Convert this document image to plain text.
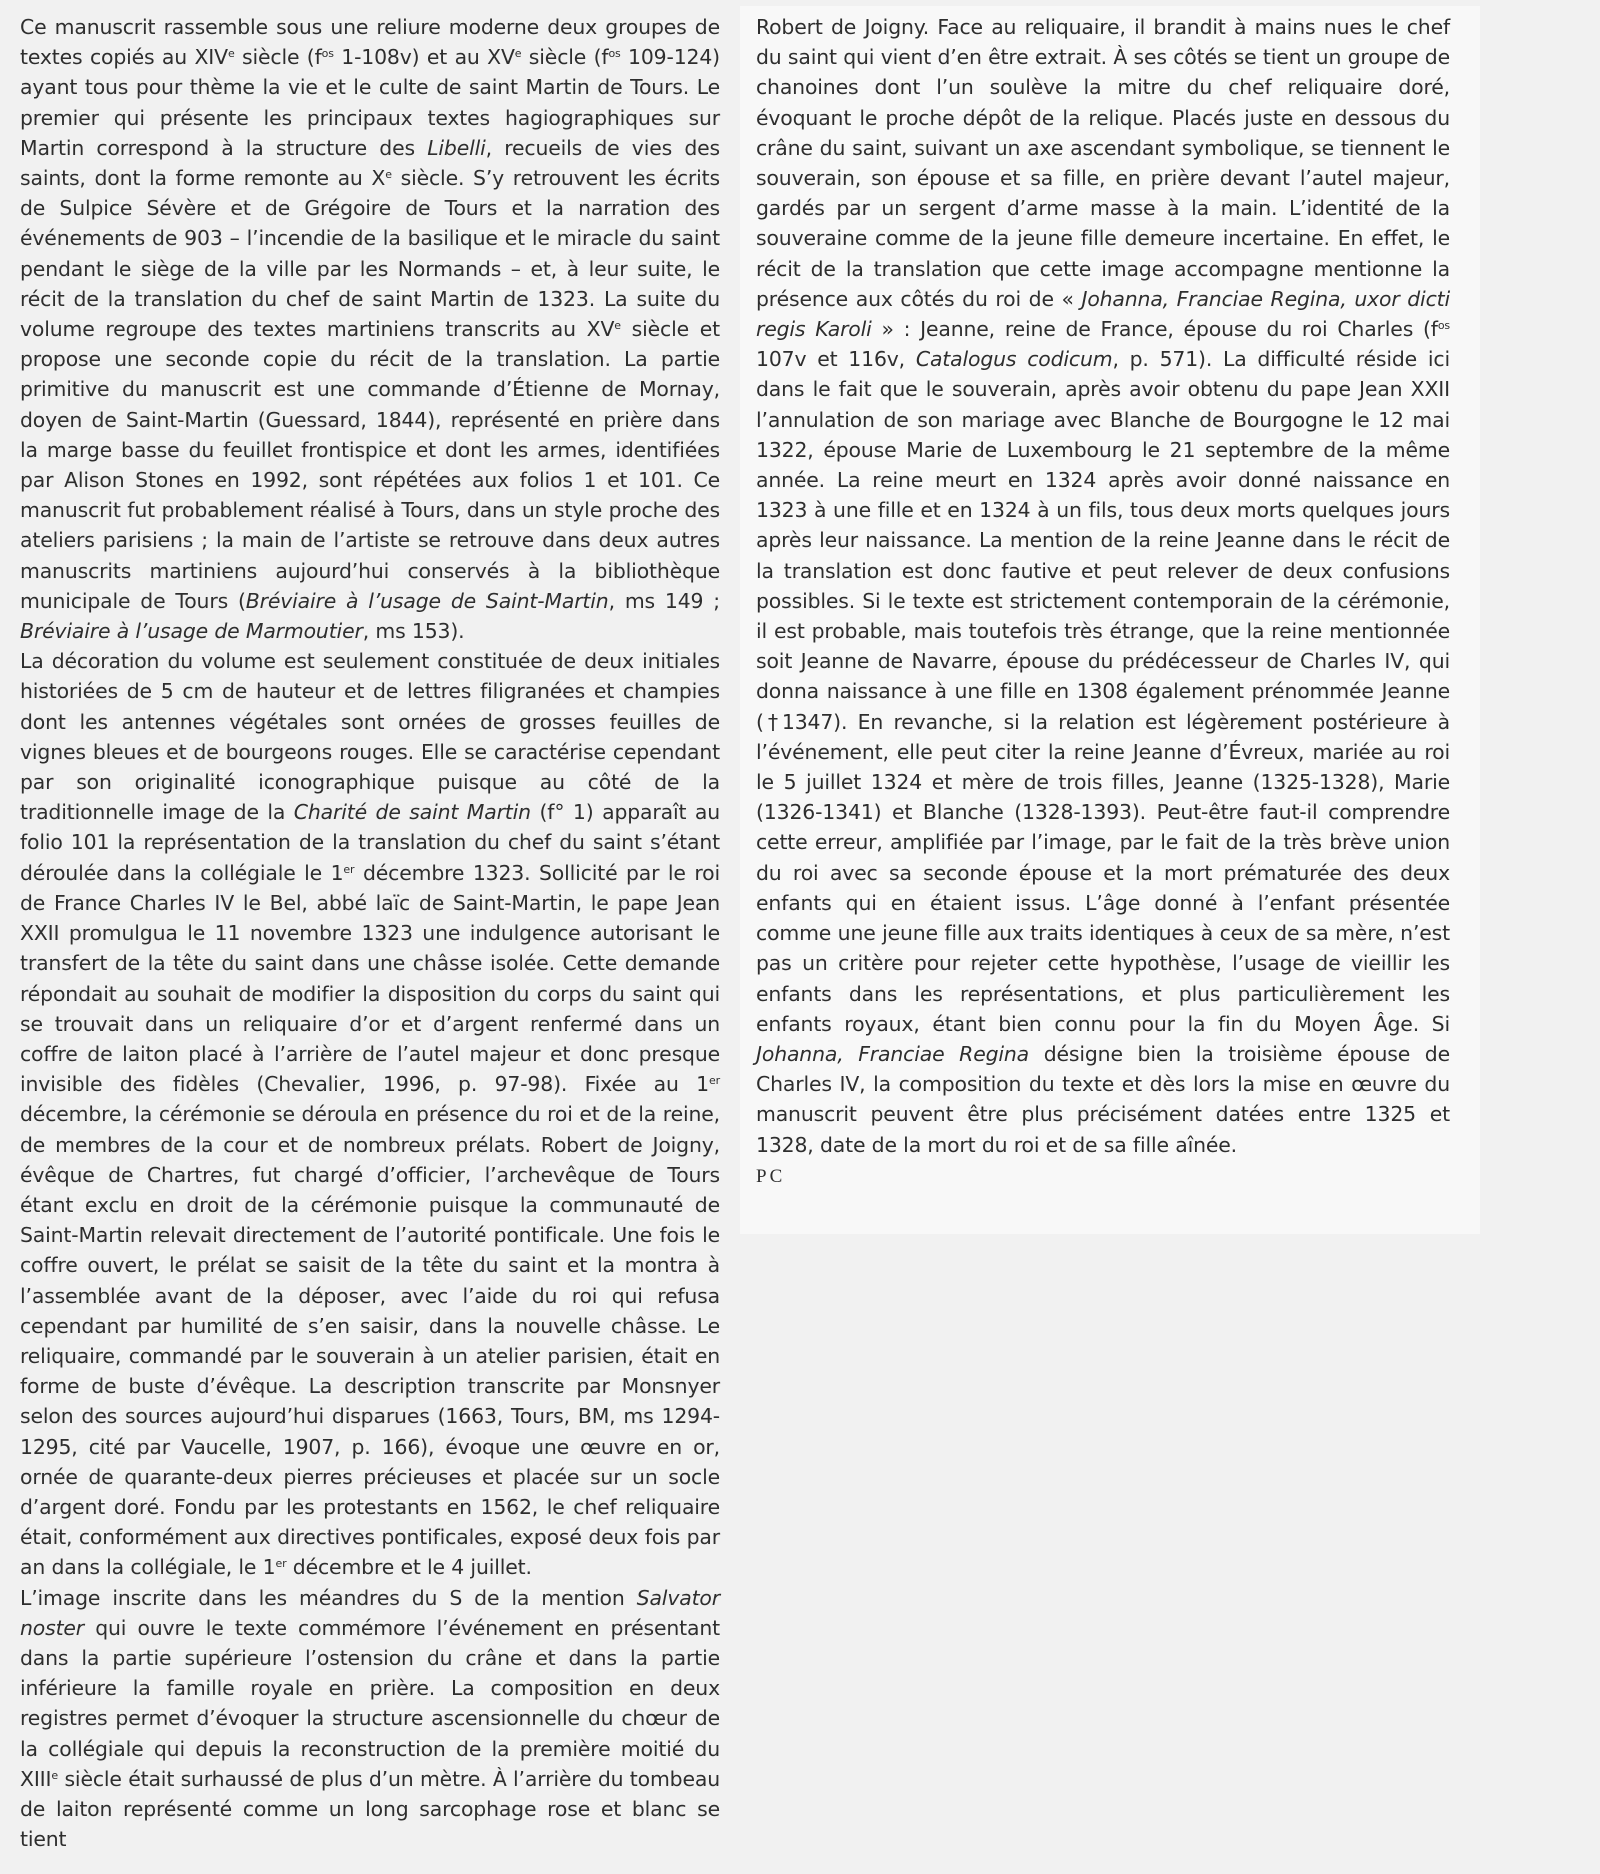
Ce manuscrit rassemble sous une reliure moderne deux groupes de textes copiés au XIVe siècle ($f^{os}$ 1-108v) et au XVe siècle ($f^{os}$ 109-124) ayant tous pour thème la vie et le culte de saint Martin de Tours. Le premier qui présente les principaux textes hagiographiques sur Martin correspond à la structure des Libelli, recueils de vies des saints, dont la forme remonte au Xe siècle. S’y retrouvent les écrits de Sulpice Sévère et de Grégoire de Tours et la narration des événements de 903 – l’incendie de la basilique et le miracle du saint pendant le siège de la ville par les Normands – et, à leur suite, le récit de la translation du chef de saint Martin de 1323. La suite du volume regroupe des textes martiniens transcrits au XVe siècle et propose une seconde copie du récit de la translation. La partie primitive du manuscrit est une commande d’Étienne de Mornay, doyen de Saint-Martin (Guessard, 1844), représenté en prière dans la marge basse du feuillet frontispice et dont les armes, identifiées par Alison Stones en 1992, sont répétées aux folios 1 et 101. Ce manuscrit fut probablement réalisé à Tours, dans un style proche des ateliers parisiens ; la main de l’artiste se retrouve dans deux autres manuscrits martiniens aujourd’hui conservés à la bibliothèque municipale de Tours (Bréviaire à l’usage de Saint-Martin, ms 149 ; Bréviaire à l’usage de Marmoutier, ms 153).

La décoration du volume est seulement constituée de deux initiales historiées de 5 cm de hauteur et de lettres filigranées et champies dont les antennes végétales sont ornées de grosses feuilles de vignes bleues et de bourgeons rouges. Elle se caractérise cependant par son originalité iconographique puisque au côté de la traditionnelle image de la Charité de saint Martin (f° 1) apparaît au folio 101 la représentation de la translation du chef du saint s’étant déroulée dans la collégiale le 1er décembre 1323. Sollicité par le roi de France Charles IV le Bel, abbé laïc de Saint-Martin, le pape Jean XXII promulgua le 11 novembre 1323 une indulgence autorisant le transfert de la tête du saint dans une châsse isolée. Cette demande répondait au souhait de modifier la disposition du corps du saint qui se trouvait dans un reliquaire d’or et d’argent renfermé dans un coffre de laiton placé à l’arrière de l’autel majeur et donc presque invisible des fidèles (Chevalier, 1996, p. 97-98). Fixée au 1er décembre, la cérémonie se déroula en présence du roi et de la reine, de membres de la cour et de nombreux prélats. Robert de Joigny, évêque de Chartres, fut chargé d’officier, l’archevêque de Tours étant exclu en droit de la cérémonie puisque la communauté de Saint-Martin relevait directement de l’autorité pontificale. Une fois le coffre ouvert, le prélat se saisit de la tête du saint et la montra à l’assemblée avant de la déposer, avec l’aide du roi qui refusa cependant par humilité de s’en saisir, dans la nouvelle châsse. Le reliquaire, commandé par le souverain à un atelier parisien, était en forme de buste d’évêque. La description transcrite par Monsnyer selon des sources aujourd’hui disparues (1663, Tours, BM, ms 1294-1295, cité par Vaucelle, 1907, p. 166), évoque une œuvre en or, ornée de quarante-deux pierres précieuses et placée sur un socle d’argent doré. Fondu par les protestants en 1562, le chef reliquaire était, conformément aux directives pontificales, exposé deux fois par an dans la collégiale, le 1er décembre et le 4 juillet.

L’image inscrite dans les méandres du S de la mention Salvator noster qui ouvre le texte commémore l’événement en présentant dans la partie supérieure l’ostension du crâne et dans la partie inférieure la famille royale en prière. La composition en deux registres permet d’évoquer la structure ascensionnelle du chœur de la collégiale qui depuis la reconstruction de la première moitié du XIIIe siècle était surhaussé de plus d’un mètre. À l’arrière du tombeau de laiton représenté comme un long sarcophage rose et blanc se tient

Robert de Joigny. Face au reliquaire, il brandit à mains nues le chef du saint qui vient d’en être extrait. À ses côtés se tient un groupe de chanoines dont l’un soulève la mitre du chef reliquaire doré, évoquant le proche dépôt de la relique. Placés juste en dessous du crâne du saint, suivant un axe ascendant symbolique, se tiennent le souverain, son épouse et sa fille, en prière devant l’autel majeur, gardés par un sergent d’arme masse à la main. L’identité de la souveraine comme de la jeune fille demeure incertaine. En effet, le récit de la translation que cette image accompagne mentionne la présence aux côtés du roi de « Johanna, Franciae Regina, uxor dicti regis Karoli » : Jeanne, reine de France, épouse du roi Charles ($f^{os}$ 107v et 116v, Catalogus codicum, p. 571). La difficulté réside ici dans le fait que le souverain, après avoir obtenu du pape Jean XXII l’annulation de son mariage avec Blanche de Bourgogne le 12 mai 1322, épouse Marie de Luxembourg le 21 septembre de la même année. La reine meurt en 1324 après avoir donné naissance en 1323 à une fille et en 1324 à un fils, tous deux morts quelques jours après leur naissance. La mention de la reine Jeanne dans le récit de la translation est donc fautive et peut relever de deux confusions possibles. Si le texte est strictement contemporain de la cérémonie, il est probable, mais toutefois très étrange, que la reine mentionnée soit Jeanne de Navarre, épouse du prédécesseur de Charles IV, qui donna naissance à une fille en 1308 également prénommée Jeanne (†1347). En revanche, si la relation est légèrement postérieure à l’événement, elle peut citer la reine Jeanne d’Évreux, mariée au roi le 5 juillet 1324 et mère de trois filles, Jeanne (1325-1328), Marie (1326-1341) et Blanche (1328-1393). Peut-être faut-il comprendre cette erreur, amplifiée par l’image, par le fait de la très brève union du roi avec sa seconde épouse et la mort prématurée des deux enfants qui en étaient issus. L’âge donné à l’enfant présentée comme une jeune fille aux traits identiques à ceux de sa mère, n’est pas un critère pour rejeter cette hypothèse, l’usage de vieillir les enfants dans les représentations, et plus particulièrement les enfants royaux, étant bien connu pour la fin du Moyen Âge. Si Johanna, Franciae Regina désigne bien la troisième épouse de Charles IV, la composition du texte et dès lors la mise en œuvre du manuscrit peuvent être plus précisément datées entre 1325 et 1328, date de la mort du roi et de sa fille aînée.

PC
